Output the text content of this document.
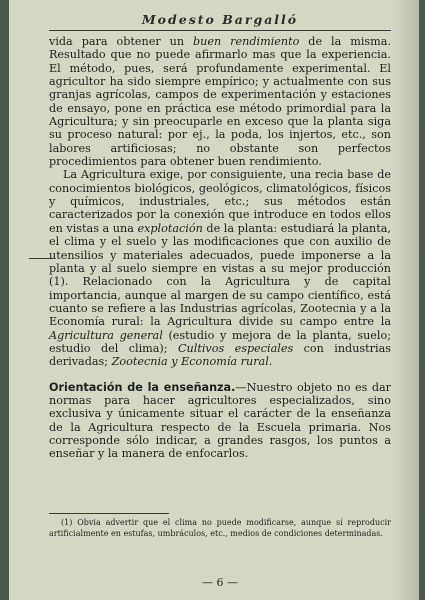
Modesto Bargalló

vida para obtener un buen rendimiento de la misma. Resultado que no puede afirmarlo mas que la experiencia. El método, pues, será profundamente experimental. El agricultor ha sido siempre empírico; y actualmente con sus granjas agrícolas, campos de experimentación y estaciones de ensayo, pone en práctica ese método primordial para la Agricultura; y sin preocuparle en exceso que la planta siga su proceso natural: por ej., la poda, los injertos, etc., son labores artificiosas; no obstante son perfectos procedimientos para obtener buen rendimiento.

La Agricultura exige, por consiguiente, una recia base de conocimientos biológicos, geológicos, climatológicos, físicos y químicos, industriales, etc.; sus métodos están caracterizados por la conexión que introduce en todos ellos en vistas a una explotación de la planta: estudiará la planta, el clima y el suelo y las modificaciones que con auxilio de utensilios y materiales adecuados, puede imponerse a la planta y al suelo siempre en vistas a su mejor producción (1). Relacionado con la Agricultura y de capital importancia, aunque al margen de su campo científico, está cuanto se refiere a las Industrias agrícolas, Zootecnia y a la Economía rural: la Agricultura divide su campo entre la Agricultura general (estudio y mejora de la planta, suelo; estudio del clima); Cultivos especiales con industrias derivadas; Zootecnia y Economía rural.

Orientación de la enseñanza.—Nuestro objeto no es dar normas para hacer agricultores especializados, sino exclusiva y únicamente situar el carácter de la enseñanza de la Agricultura respecto de la Escuela primaria. Nos corresponde sólo indicar, a grandes rasgos, los puntos a enseñar y la manera de enfocarlos.

(1) Obvia advertir que el clima no puede modificarse, aunque sí reproducir artificialmente en estufas, umbráculos, etc., medios de condiciones determinadas.
— 6 —
